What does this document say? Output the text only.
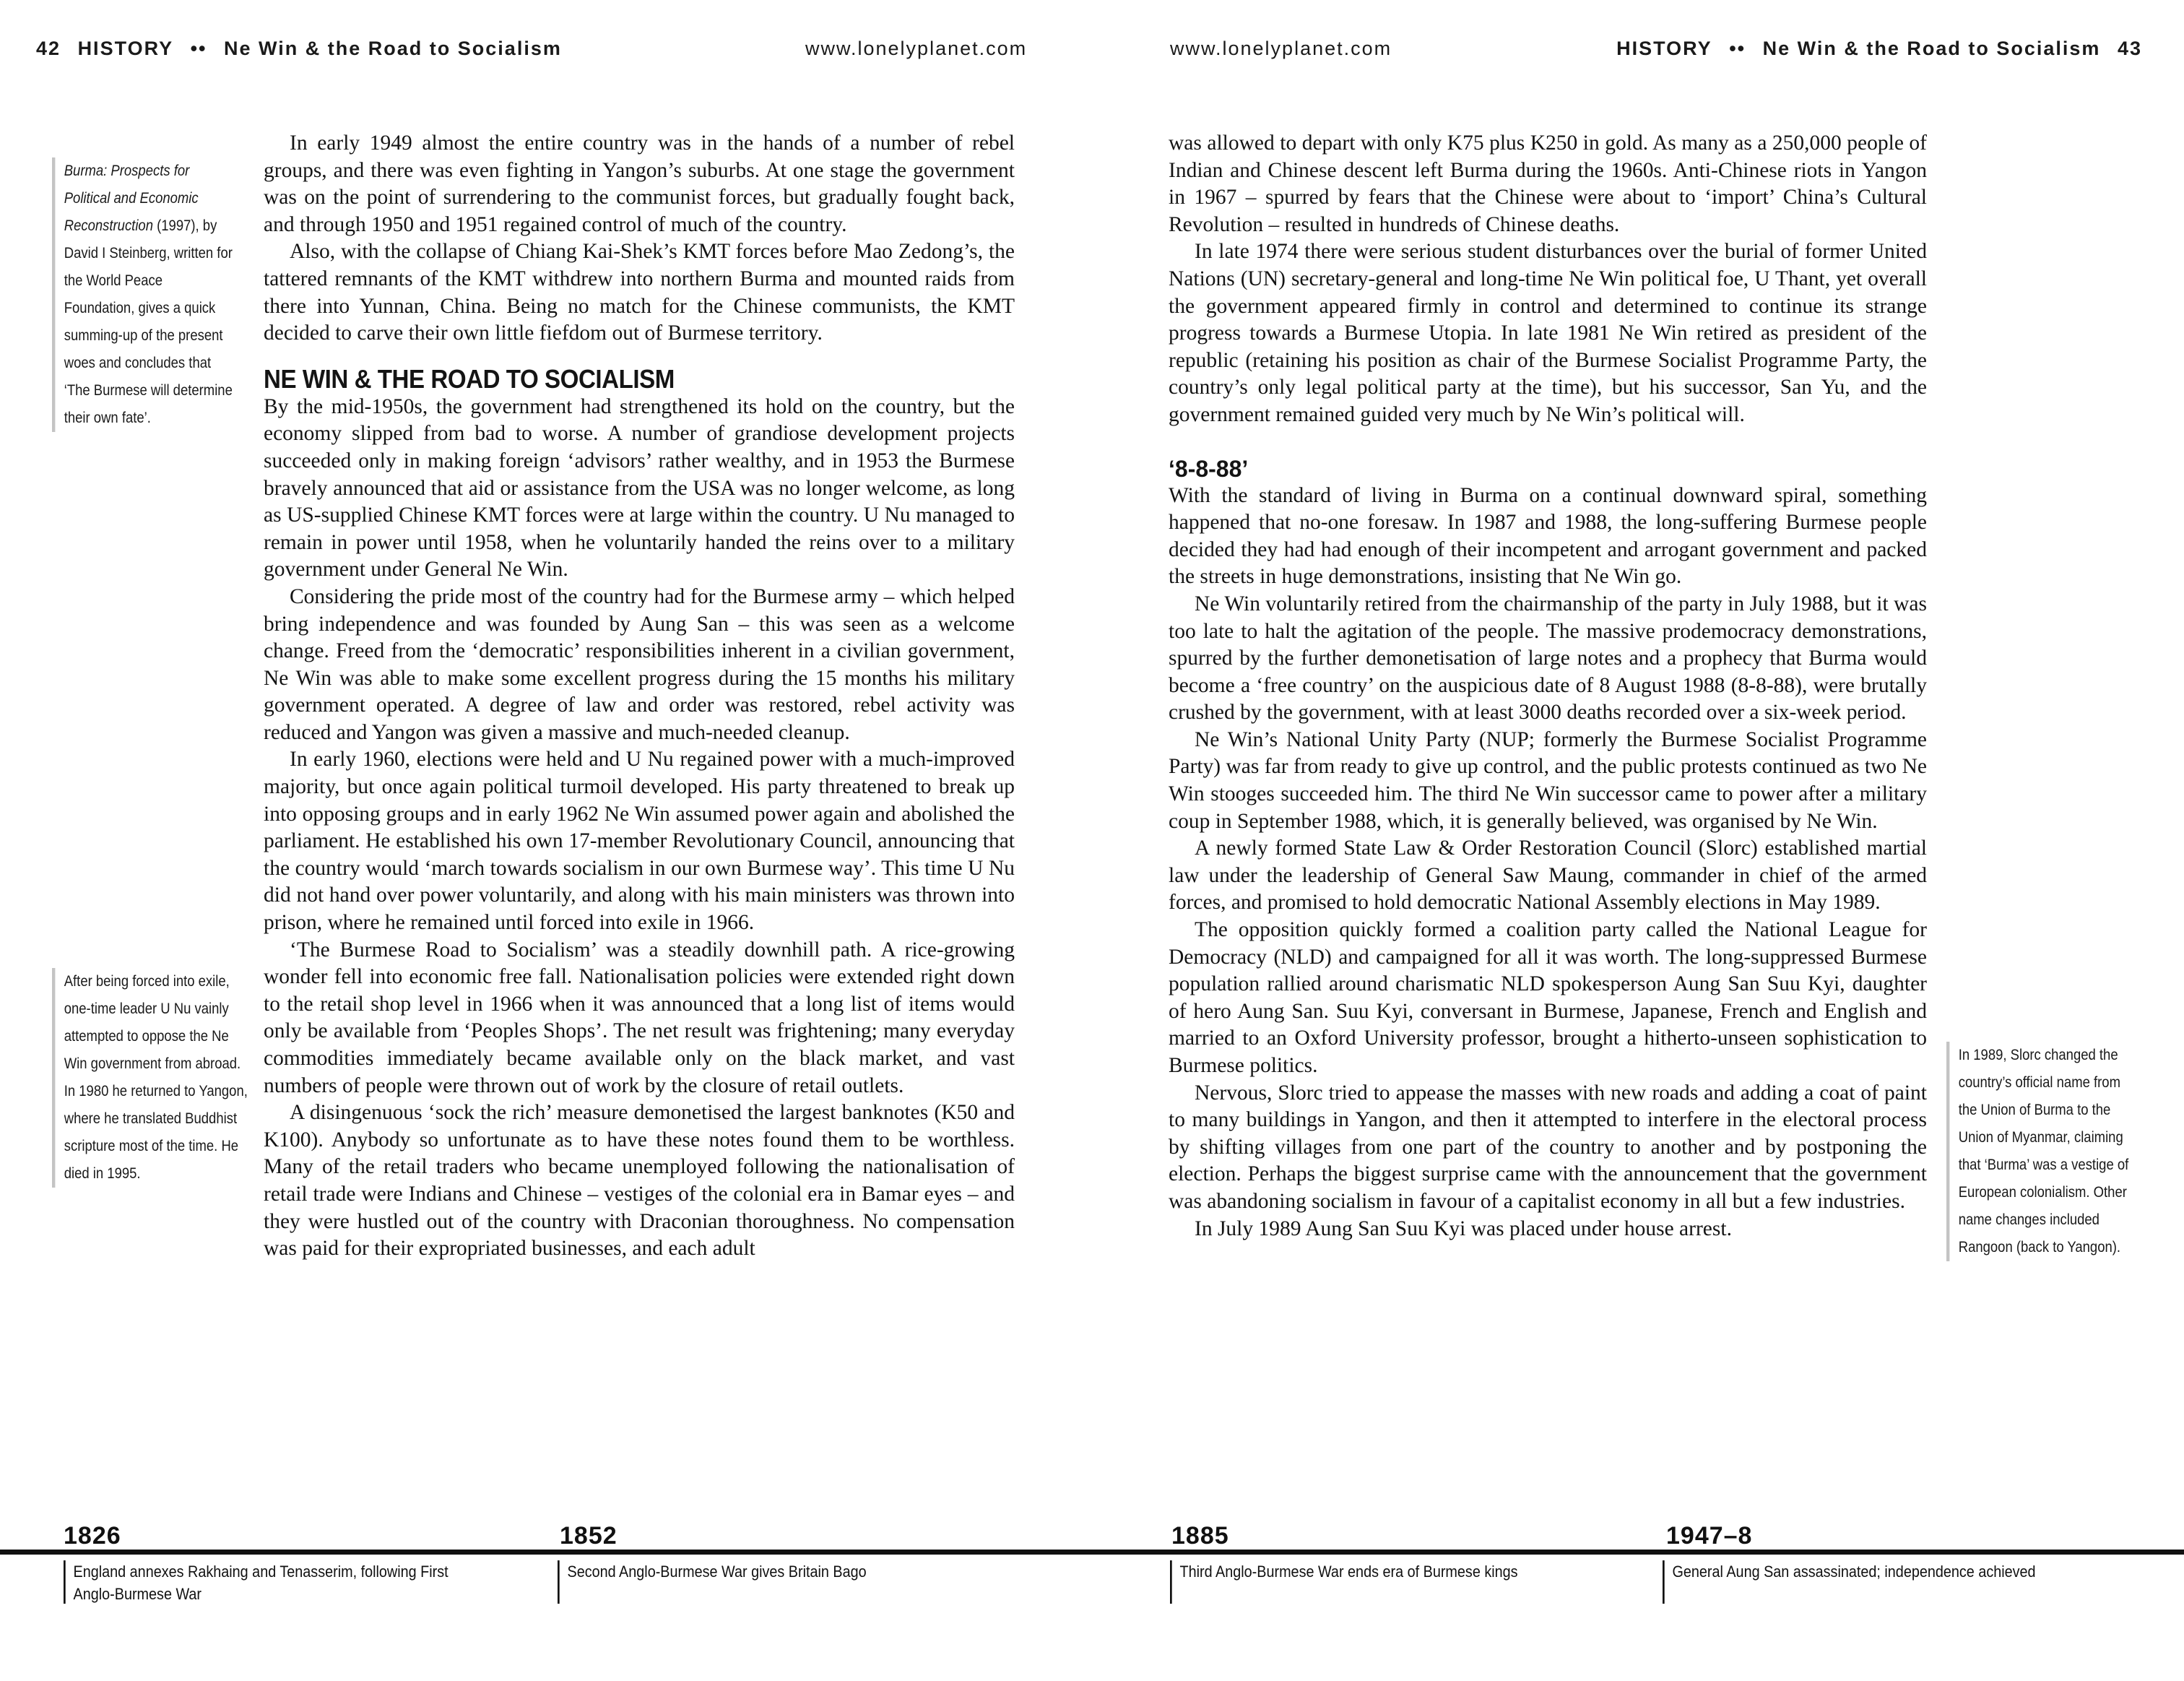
42 HISTORY •• Ne Win & the Road to Socialism	www.lonelyplanet.com
Burma: Prospects for Political and Economic Reconstruction (1997), by David I Steinberg, written for the World Peace Foundation, gives a quick summing-up of the present woes and concludes that ‘The Burmese will determine their own fate’.
After being forced into exile, one-time leader U Nu vainly attempted to oppose the Ne Win government from abroad. In 1980 he returned to Yangon, where he translated Buddhist scripture most of the time. He died in 1995.

In early 1949 almost the entire country was in the hands of a number of rebel groups, and there was even fighting in Yangon’s suburbs. At one stage the government was on the point of surrendering to the communist forces, but gradually fought back, and through 1950 and 1951 regained control of much of the country.

Also, with the collapse of Chiang Kai-Shek’s KMT forces before Mao Zedong’s, the tattered remnants of the KMT withdrew into northern Burma and mounted raids from there into Yunnan, China. Being no match for the Chinese communists, the KMT decided to carve their own little fiefdom out of Burmese territory.

NE WIN & THE ROAD TO SOCIALISM

By the mid-1950s, the government had strengthened its hold on the country, but the economy slipped from bad to worse. A number of grandiose development projects succeeded only in making foreign ‘advisors’ rather wealthy, and in 1953 the Burmese bravely announced that aid or assistance from the USA was no longer welcome, as long as US-supplied Chinese KMT forces were at large within the country. U Nu managed to remain in power until 1958, when he voluntarily handed the reins over to a military government under General Ne Win.

Considering the pride most of the country had for the Burmese army – which helped bring independence and was founded by Aung San – this was seen as a welcome change. Freed from the ‘democratic’ responsibilities inherent in a civilian government, Ne Win was able to make some excellent progress during the 15 months his military government operated. A degree of law and order was restored, rebel activity was reduced and Yangon was given a massive and much-needed cleanup.

In early 1960, elections were held and U Nu regained power with a much-improved majority, but once again political turmoil developed. His party threatened to break up into opposing groups and in early 1962 Ne Win assumed power again and abolished the parliament. He established his own 17-member Revolutionary Council, announcing that the country would ‘march towards socialism in our own Burmese way’. This time U Nu did not hand over power voluntarily, and along with his main ministers was thrown into prison, where he remained until forced into exile in 1966.

‘The Burmese Road to Socialism’ was a steadily downhill path. A rice-growing wonder fell into economic free fall. Nationalisation policies were extended right down to the retail shop level in 1966 when it was announced that a long list of items would only be available from ‘Peoples Shops’. The net result was frightening; many everyday commodities immediately became available only on the black market, and vast numbers of people were thrown out of work by the closure of retail outlets.

A disingenuous ‘sock the rich’ measure demonetised the largest banknotes (K50 and K100). Anybody so unfortunate as to have these notes found them to be worthless. Many of the retail traders who became unemployed following the nationalisation of retail trade were Indians and Chinese – vestiges of the colonial era in Bamar eyes – and they were hustled out of the country with Draconian thoroughness. No compensation was paid for their expropriated businesses, and each adult

1826	1852
England annexes Rakhaing and Tenasserim, following First Anglo-Burmese War
Second Anglo-Burmese War gives Britain Bago
www.lonelyplanet.com	HISTORY •• Ne Win & the Road to Socialism 43

was allowed to depart with only K75 plus K250 in gold. As many as a 250,000 people of Indian and Chinese descent left Burma during the 1960s. Anti-Chinese riots in Yangon in 1967 – spurred by fears that the Chinese were about to ‘import’ China’s Cultural Revolution – resulted in hundreds of Chinese deaths.

In late 1974 there were serious student disturbances over the burial of former United Nations (UN) secretary-general and long-time Ne Win political foe, U Thant, yet overall the government appeared firmly in control and determined to continue its strange progress towards a Burmese Utopia. In late 1981 Ne Win retired as president of the republic (retaining his position as chair of the Burmese Socialist Programme Party, the country’s only legal political party at the time), but his successor, San Yu, and the government remained guided very much by Ne Win’s political will.

‘8-8-88’

With the standard of living in Burma on a continual downward spiral, something happened that no-one foresaw. In 1987 and 1988, the long-suffering Burmese people decided they had had enough of their incompetent and arrogant government and packed the streets in huge demonstrations, insisting that Ne Win go.

Ne Win voluntarily retired from the chairmanship of the party in July 1988, but it was too late to halt the agitation of the people. The massive prodemocracy demonstrations, spurred by the further demonetisation of large notes and a prophecy that Burma would become a ‘free country’ on the auspicious date of 8 August 1988 (8-8-88), were brutally crushed by the government, with at least 3000 deaths recorded over a six-week period.

Ne Win’s National Unity Party (NUP; formerly the Burmese Socialist Programme Party) was far from ready to give up control, and the public protests continued as two Ne Win stooges succeeded him. The third Ne Win successor came to power after a military coup in September 1988, which, it is generally believed, was organised by Ne Win.

A newly formed State Law & Order Restoration Council (Slorc) established martial law under the leadership of General Saw Maung, commander in chief of the armed forces, and promised to hold democratic National Assembly elections in May 1989.

The opposition quickly formed a coalition party called the National League for Democracy (NLD) and campaigned for all it was worth. The long-suppressed Burmese population rallied around charismatic NLD spokesperson Aung San Suu Kyi, daughter of hero Aung San. Suu Kyi, conversant in Burmese, Japanese, French and English and married to an Oxford University professor, brought a hitherto-unseen sophistication to Burmese politics.

Nervous, Slorc tried to appease the masses with new roads and adding a coat of paint to many buildings in Yangon, and then it attempted to interfere in the electoral process by shifting villages from one part of the country to another and by postponing the election. Perhaps the biggest surprise came with the announcement that the government was abandoning socialism in favour of a capitalist economy in all but a few industries.

In July 1989 Aung San Suu Kyi was placed under house arrest.

In 1989, Slorc changed the country’s official name from the Union of Burma to the Union of Myanmar, claiming that ‘Burma’ was a vestige of European colonialism. Other name changes included Rangoon (back to Yangon).
1885	1947–8
Third Anglo-Burmese War ends era of Burmese kings	General Aung San assassinated; independence achieved
